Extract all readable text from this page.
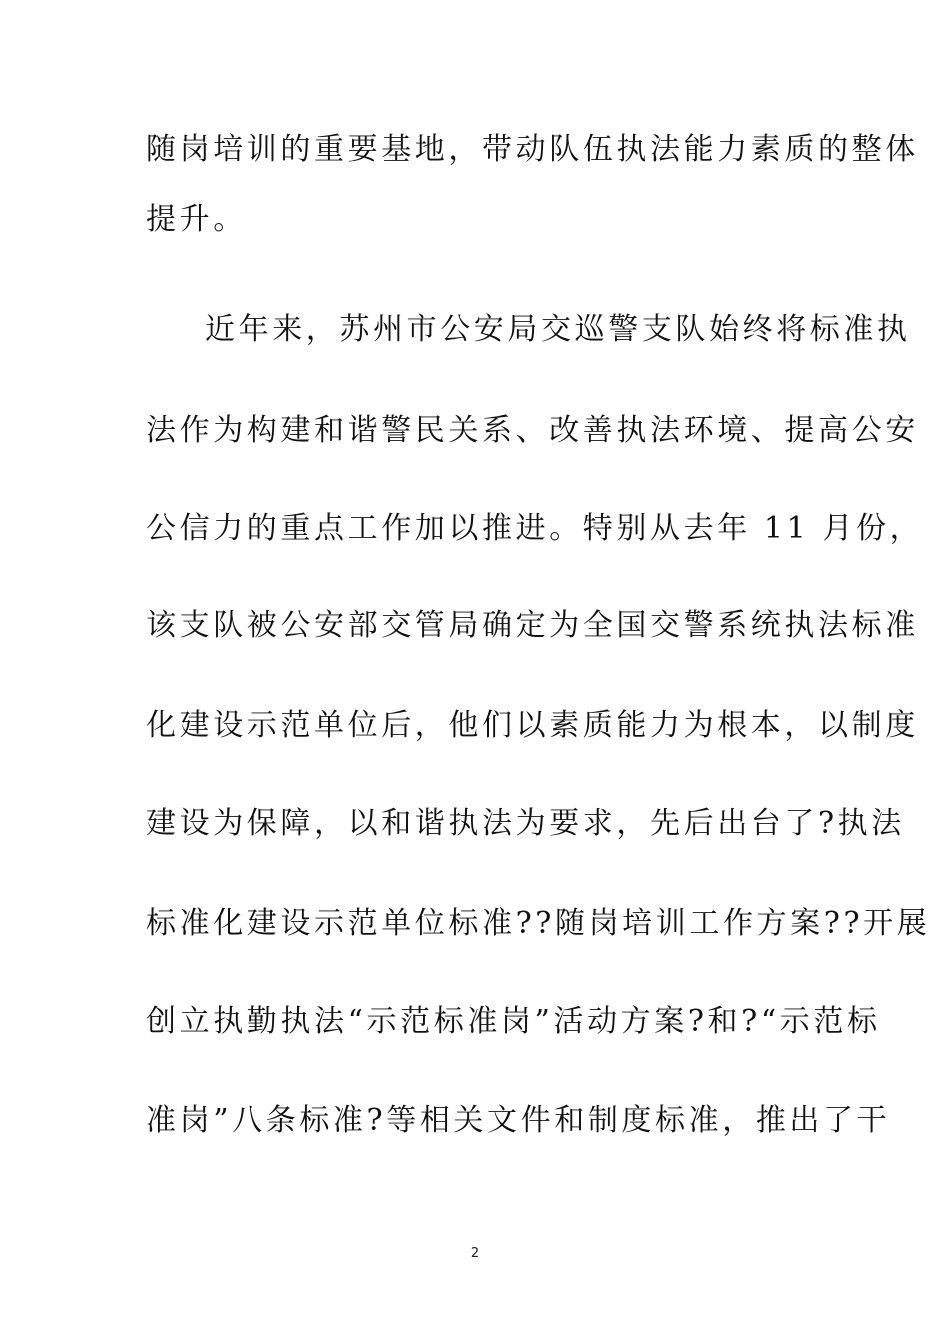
随岗培训的重要基地，带动队伍执法能力素质的整体
提升。
近年来，苏州市公安局交巡警支队始终将标准执
法作为构建和谐警民关系、改善执法环境、提高公安
公信力的重点工作加以推进。特别从去年 11 月份，
该支队被公安部交管局确定为全国交警系统执法标准
化建设示范单位后，他们以素质能力为根本，以制度
建设为保障，以和谐执法为要求，先后出台了?执法
标准化建设示范单位标准??随岗培训工作方案??开展
创立执勤执法“示范标准岗”活动方案?和?“示范标
准岗”八条标准?等相关文件和制度标准，推出了干
2
